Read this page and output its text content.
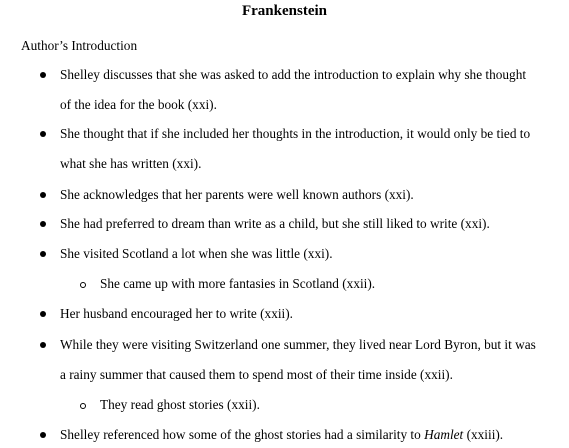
Frankenstein
Author’s Introduction
Shelley discusses that she was asked to add the introduction to explain why she thought
of the idea for the book (xxi).
She thought that if she included her thoughts in the introduction, it would only be tied to
what she has written (xxi).
She acknowledges that her parents were well known authors (xxi).
She had preferred to dream than write as a child, but she still liked to write (xxi).
She visited Scotland a lot when she was little (xxi).
She came up with more fantasies in Scotland (xxii).
Her husband encouraged her to write (xxii).
While they were visiting Switzerland one summer, they lived near Lord Byron, but it was
a rainy summer that caused them to spend most of their time inside (xxii).
They read ghost stories (xxii).
Shelley referenced how some of the ghost stories had a similarity to Hamlet (xxiii).
